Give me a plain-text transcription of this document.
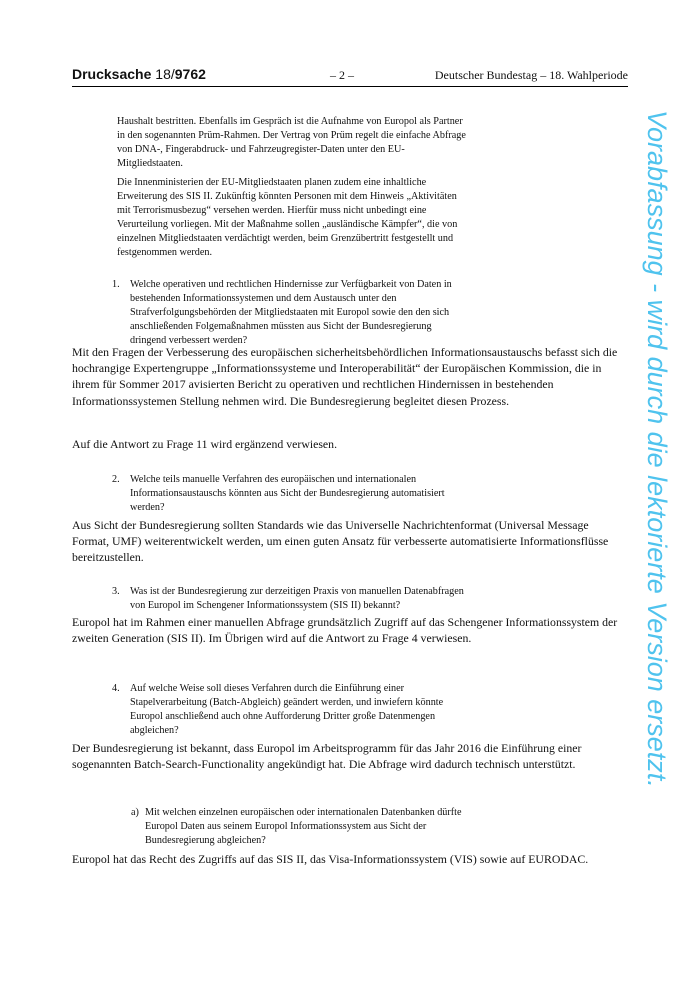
Drucksache 18/9762	– 2 –	Deutscher Bundestag – 18. Wahlperiode

Haushalt bestritten. Ebenfalls im Gespräch ist die Aufnahme von Europol als Partner in den sogenannten Prüm-Rahmen. Der Vertrag von Prüm regelt die einfache Abfrage von DNA-, Fingerabdruck- und Fahrzeugregister-Daten unter den EU-Mitgliedstaaten.

Die Innenministerien der EU-Mitgliedstaaten planen zudem eine inhaltliche Erweiterung des SIS II. Zukünftig könnten Personen mit dem Hinweis „Aktivitäten mit Terrorismusbezug“ versehen werden. Hierfür muss nicht unbedingt eine Verurteilung vorliegen. Mit der Maßnahme sollen „ausländische Kämpfer“, die von einzelnen Mitgliedstaaten verdächtigt werden, beim Grenzübertritt festgestellt und festgenommen werden.

1. Welche operativen und rechtlichen Hindernisse zur Verfügbarkeit von Daten in bestehenden Informationssystemen und dem Austausch unter den Strafverfolgungsbehörden der Mitgliedstaaten mit Europol sowie den den sich anschließenden Folgemaßnahmen müssten aus Sicht der Bundesregierung dringend verbessert werden?

Mit den Fragen der Verbesserung des europäischen sicherheitsbehördlichen Informationsaustauschs befasst sich die hochrangige Expertengruppe „Informationssysteme und Interoperabilität“ der Europäischen Kommission, die in ihrem für Sommer 2017 avisierten Bericht zu operativen und rechtlichen Hindernissen in bestehenden Informationssystemen Stellung nehmen wird. Die Bundesregierung begleitet diesen Prozess.

Auf die Antwort zu Frage 11 wird ergänzend verwiesen.

2. Welche teils manuelle Verfahren des europäischen und internationalen Informationsaustauschs könnten aus Sicht der Bundesregierung automatisiert werden?

Aus Sicht der Bundesregierung sollten Standards wie das Universelle Nachrichtenformat (Universal Message Format, UMF) weiterentwickelt werden, um einen guten Ansatz für verbesserte automatisierte Informationsflüsse bereitzustellen.

3. Was ist der Bundesregierung zur derzeitigen Praxis von manuellen Datenabfragen von Europol im Schengener Informationssystem (SIS II) bekannt?

Europol hat im Rahmen einer manuellen Abfrage grundsätzlich Zugriff auf das Schengener Informationssystem der zweiten Generation (SIS II). Im Übrigen wird auf die Antwort zu Frage 4 verwiesen.

4. Auf welche Weise soll dieses Verfahren durch die Einführung einer Stapelverarbeitung (Batch-Abgleich) geändert werden, und inwiefern könnte Europol anschließend auch ohne Aufforderung Dritter große Datenmengen abgleichen?

Der Bundesregierung ist bekannt, dass Europol im Arbeitsprogramm für das Jahr 2016 die Einführung einer sogenannten Batch-Search-Functionality angekündigt hat. Die Abfrage wird dadurch technisch unterstützt.

a) Mit welchen einzelnen europäischen oder internationalen Datenbanken dürfte Europol Daten aus seinem Europol Informationssystem aus Sicht der Bundesregierung abgleichen?

Europol hat das Recht des Zugriffs auf das SIS II, das Visa-Informationssystem (VIS) sowie auf EURODAC.

Vorabfassung - wird durch die lektorierte Version ersetzt.
